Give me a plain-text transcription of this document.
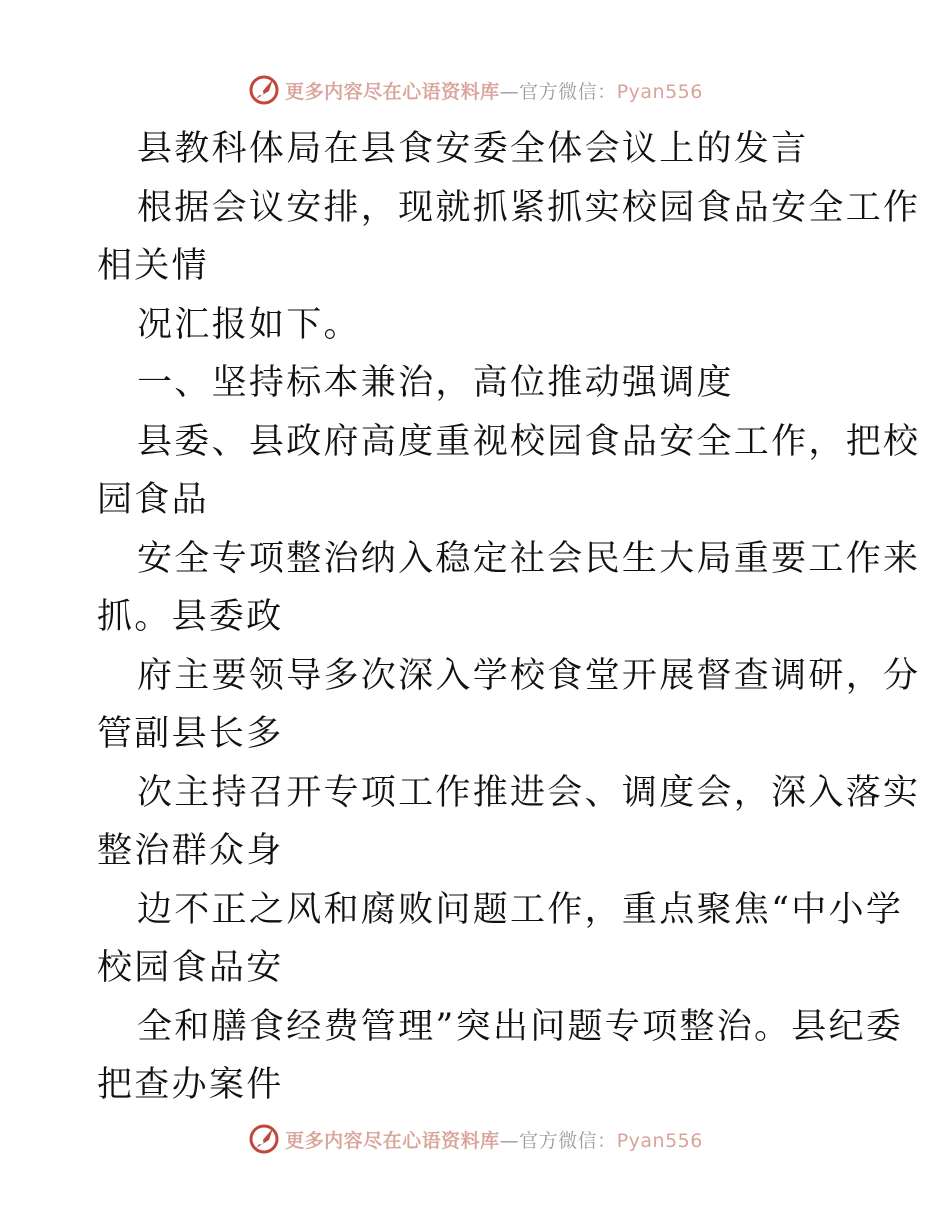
更多内容尽在心语资料库—官方微信：Pyan556
县教科体局在县食安委全体会议上的发言
根据会议安排，现就抓紧抓实校园食品安全工作
相关情
况汇报如下。
一、坚持标本兼治，高位推动强调度
县委、县政府高度重视校园食品安全工作，把校
园食品
安全专项整治纳入稳定社会民生大局重要工作来
抓。县委政
府主要领导多次深入学校食堂开展督查调研，分
管副县长多
次主持召开专项工作推进会、调度会，深入落实
整治群众身
边不正之风和腐败问题工作，重点聚焦“中小学
校园食品安
全和膳食经费管理”突出问题专项整治。县纪委
把查办案件
更多内容尽在心语资料库—官方微信：Pyan556
